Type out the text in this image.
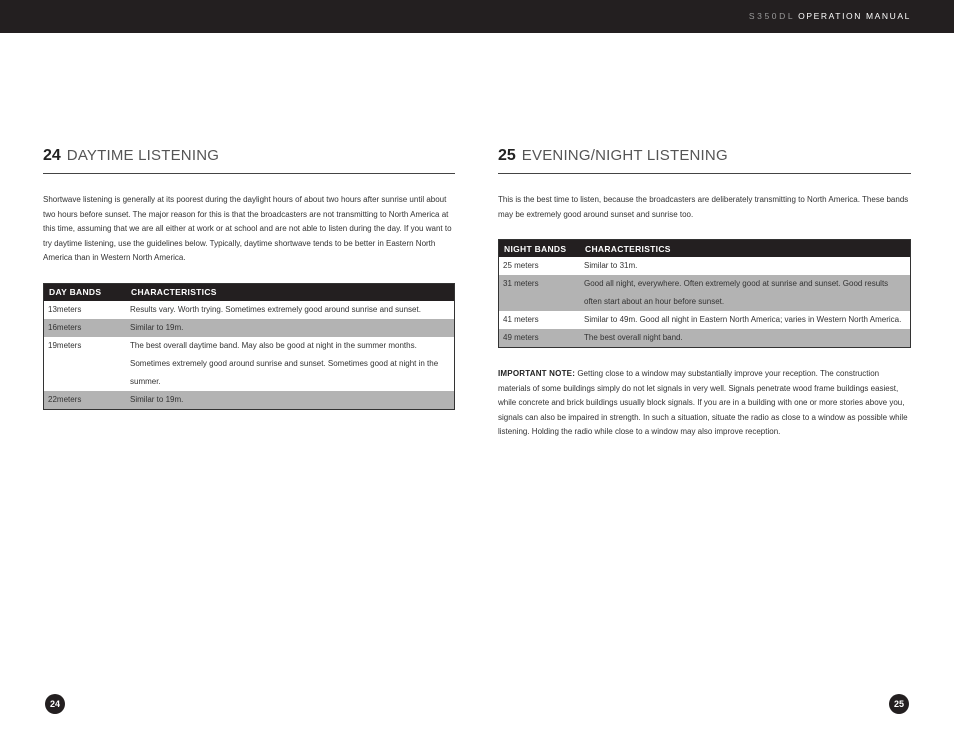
S350DL OPERATION MANUAL
24 DAYTIME LISTENING

Shortwave listening is generally at its poorest during the daylight hours of about two hours after sunrise until about two hours before sunset. The major reason for this is that the broadcasters are not transmitting to North America at this time, assuming that we are all either at work or at school and are not able to listen during the day. If you want to try daytime listening, use the guidelines below. Typically, daytime shortwave tends to be better in Eastern North America than in Western North America.

DAY BANDS	CHARACTERISTICS
13meters	Results vary. Worth trying. Sometimes extremely good around sunrise and sunset.
16meters	Similar to 19m.
19meters	The best overall daytime band. May also be good at night in the summer months. Sometimes extremely good around sunrise and sunset. Sometimes good at night in the summer.
22meters	Similar to 19m.
25 EVENING/NIGHT LISTENING

This is the best time to listen, because the broadcasters are deliberately transmitting to North America. These bands may be extremely good around sunset and sunrise too.

NIGHT BANDS	CHARACTERISTICS
25 meters	Similar to 31m.
31 meters	Good all night, everywhere. Often extremely good at sunrise and sunset. Good results often start about an hour before sunset.
41 meters	Similar to 49m. Good all night in Eastern North America; varies in Western North America.
49 meters	The best overall night band.

IMPORTANT NOTE: Getting close to a window may substantially improve your reception. The construction materials of some buildings simply do not let signals in very well. Signals penetrate wood frame buildings easiest, while concrete and brick buildings usually block signals. If you are in a building with one or more stories above you, signals can also be impaired in strength. In such a situation, situate the radio as close to a window as possible while listening. Holding the radio while close to a window may also improve reception.

24	25
